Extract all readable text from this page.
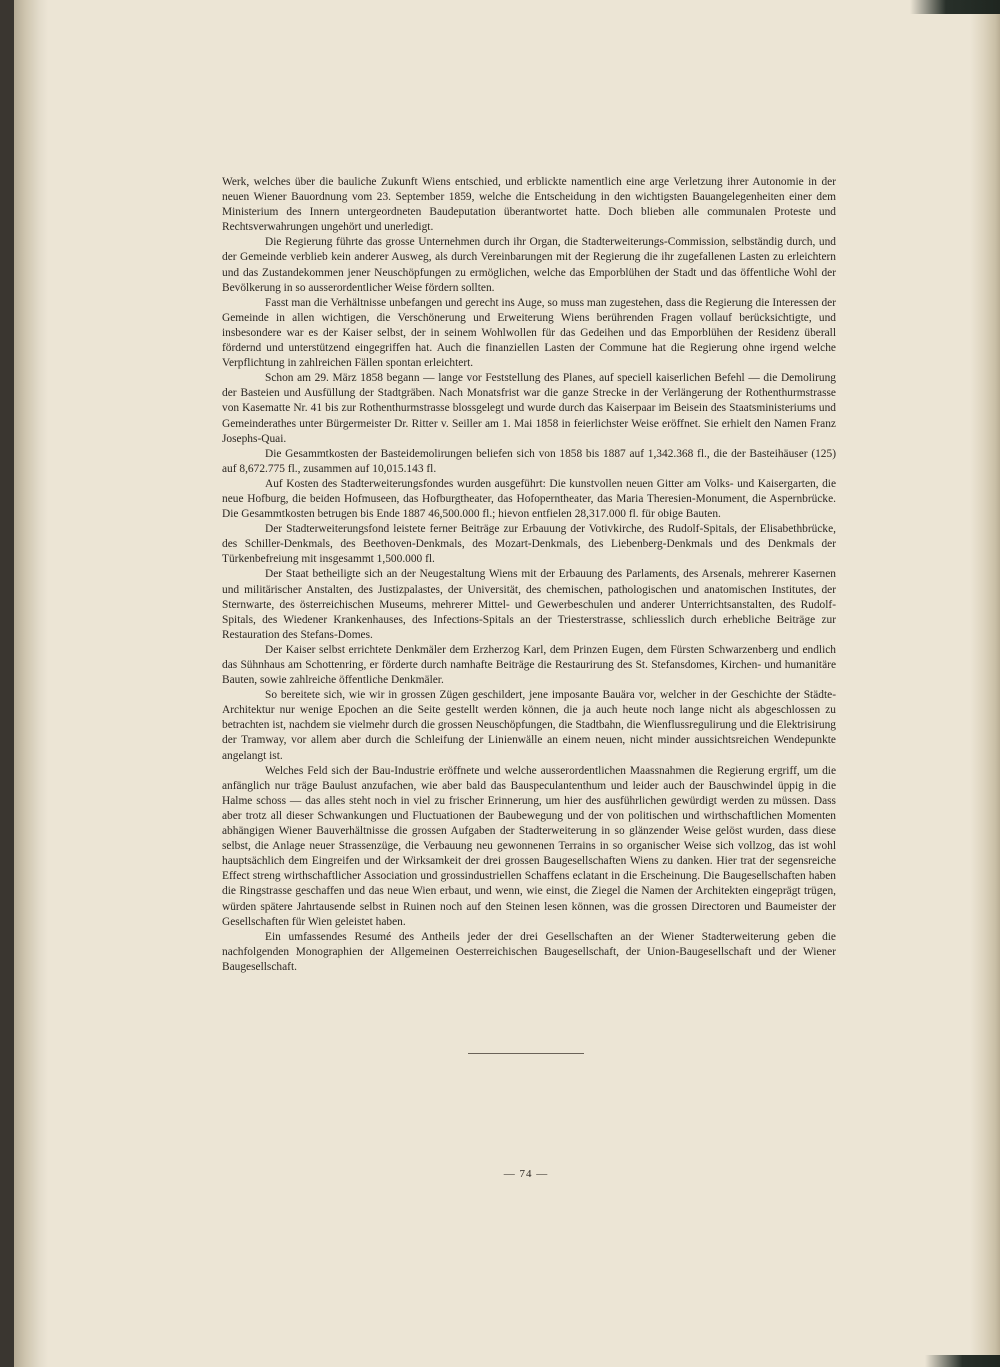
Werk, welches über die bauliche Zukunft Wiens entschied, und erblickte namentlich eine arge Verletzung ihrer Autonomie in der neuen Wiener Bauordnung vom 23. September 1859, welche die Entscheidung in den wichtigsten Bauangelegenheiten einer dem Ministerium des Innern untergeordneten Baudeputation überantwortet hatte. Doch blieben alle communalen Proteste und Rechtsverwahrungen ungehört und unerledigt.

Die Regierung führte das grosse Unternehmen durch ihr Organ, die Stadterweiterungs-Commission, selbständig durch, und der Gemeinde verblieb kein anderer Ausweg, als durch Vereinbarungen mit der Regierung die ihr zugefallenen Lasten zu erleichtern und das Zustandekommen jener Neuschöpfungen zu ermöglichen, welche das Emporblühen der Stadt und das öffentliche Wohl der Bevölkerung in so ausserordentlicher Weise fördern sollten.

Fasst man die Verhältnisse unbefangen und gerecht ins Auge, so muss man zugestehen, dass die Regierung die Interessen der Gemeinde in allen wichtigen, die Verschönerung und Erweiterung Wiens berührenden Fragen vollauf berücksichtigte, und insbesondere war es der Kaiser selbst, der in seinem Wohlwollen für das Gedeihen und das Emporblühen der Residenz überall fördernd und unterstützend eingegriffen hat. Auch die finanziellen Lasten der Commune hat die Regierung ohne irgend welche Verpflichtung in zahlreichen Fällen spontan erleichtert.

Schon am 29. März 1858 begann — lange vor Feststellung des Planes, auf speciell kaiserlichen Befehl — die Demolirung der Basteien und Ausfüllung der Stadtgräben. Nach Monatsfrist war die ganze Strecke in der Verlängerung der Rothenthurmstrasse von Kasematte Nr. 41 bis zur Rothenthurmstrasse blossgelegt und wurde durch das Kaiserpaar im Beisein des Staatsministeriums und Gemeinderathes unter Bürgermeister Dr. Ritter v. Seiller am 1. Mai 1858 in feierlichster Weise eröffnet. Sie erhielt den Namen Franz Josephs-Quai.

Die Gesammtkosten der Basteidemolirungen beliefen sich von 1858 bis 1887 auf 1,342.368 fl., die der Basteihäuser (125) auf 8,672.775 fl., zusammen auf 10,015.143 fl.

Auf Kosten des Stadterweiterungsfondes wurden ausgeführt: Die kunstvollen neuen Gitter am Volks- und Kaisergarten, die neue Hofburg, die beiden Hofmuseen, das Hofburgtheater, das Hofoperntheater, das Maria Theresien-Monument, die Aspernbrücke. Die Gesammtkosten betrugen bis Ende 1887 46,500.000 fl.; hievon entfielen 28,317.000 fl. für obige Bauten.

Der Stadterweiterungsfond leistete ferner Beiträge zur Erbauung der Votivkirche, des Rudolf-Spitals, der Elisabethbrücke, des Schiller-Denkmals, des Beethoven-Denkmals, des Mozart-Denkmals, des Liebenberg-Denkmals und des Denkmals der Türkenbefreiung mit insgesammt 1,500.000 fl.

Der Staat betheiligte sich an der Neugestaltung Wiens mit der Erbauung des Parlaments, des Arsenals, mehrerer Kasernen und militärischer Anstalten, des Justizpalastes, der Universität, des chemischen, pathologischen und anatomischen Institutes, der Sternwarte, des österreichischen Museums, mehrerer Mittel- und Gewerbeschulen und anderer Unterrichtsanstalten, des Rudolf-Spitals, des Wiedener Krankenhauses, des Infections-Spitals an der Triesterstrasse, schliesslich durch erhebliche Beiträge zur Restauration des Stefans-Domes.

Der Kaiser selbst errichtete Denkmäler dem Erzherzog Karl, dem Prinzen Eugen, dem Fürsten Schwarzenberg und endlich das Sühnhaus am Schottenring, er förderte durch namhafte Beiträge die Restaurirung des St. Stefansdomes, Kirchen- und humanitäre Bauten, sowie zahlreiche öffentliche Denkmäler.

So bereitete sich, wie wir in grossen Zügen geschildert, jene imposante Bauära vor, welcher in der Geschichte der Städte-Architektur nur wenige Epochen an die Seite gestellt werden können, die ja auch heute noch lange nicht als abgeschlossen zu betrachten ist, nachdem sie vielmehr durch die grossen Neuschöpfungen, die Stadtbahn, die Wienflussregulirung und die Elektrisirung der Tramway, vor allem aber durch die Schleifung der Linienwälle an einem neuen, nicht minder aussichtsreichen Wendepunkte angelangt ist.

Welches Feld sich der Bau-Industrie eröffnete und welche ausserordentlichen Maassnahmen die Regierung ergriff, um die anfänglich nur träge Baulust anzufachen, wie aber bald das Bauspeculantenthum und leider auch der Bauschwindel üppig in die Halme schoss — das alles steht noch in viel zu frischer Erinnerung, um hier des ausführlichen gewürdigt werden zu müssen. Dass aber trotz all dieser Schwankungen und Fluctuationen der Baubewegung und der von politischen und wirthschaftlichen Momenten abhängigen Wiener Bauverhältnisse die grossen Aufgaben der Stadterweiterung in so glänzender Weise gelöst wurden, dass diese selbst, die Anlage neuer Strassenzüge, die Verbauung neu gewonnenen Terrains in so organischer Weise sich vollzog, das ist wohl hauptsächlich dem Eingreifen und der Wirksamkeit der drei grossen Baugesellschaften Wiens zu danken. Hier trat der segensreiche Effect streng wirthschaftlicher Association und grossindustriellen Schaffens eclatant in die Erscheinung. Die Baugesellschaften haben die Ringstrasse geschaffen und das neue Wien erbaut, und wenn, wie einst, die Ziegel die Namen der Architekten eingeprägt trügen, würden spätere Jahrtausende selbst in Ruinen noch auf den Steinen lesen können, was die grossen Directoren und Baumeister der Gesellschaften für Wien geleistet haben.

Ein umfassendes Resumé des Antheils jeder der drei Gesellschaften an der Wiener Stadterweiterung geben die nachfolgenden Monographien der Allgemeinen Oesterreichischen Baugesellschaft, der Union-Baugesellschaft und der Wiener Baugesellschaft.

— 74 —
